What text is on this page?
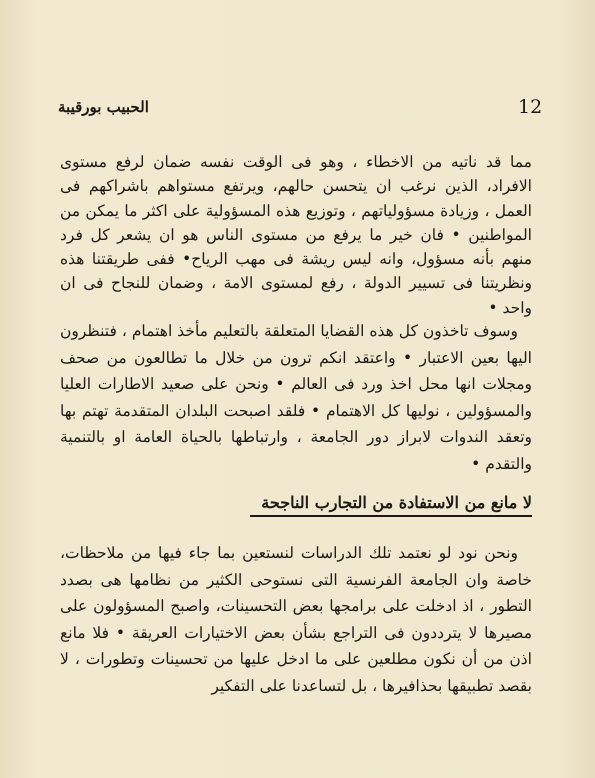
الحبيب بورقيبة	12

مما قد ناتيه من الاخطاء ، وهو فى الوقت نفسه ضمان لرفع مستوى الافراد، الذين نرغب ان يتحسن حالهم، ويرتفع مستواهم باشراكهم فى العمل ، وزيادة مسؤولياتهم ، وتوزيع هذه المسؤولية على اكثر ما يمكن من المواطنين • فان خير ما يرفع من مستوى الناس هو ان يشعر كل فرد منهم بأنه مسؤول، وانه ليس ريشة فى مهب الرياح• ففى طريقتنا هذه ونظريتنا فى تسيير الدولة ، رفع لمستوى الامة ، وضمان للنجاح فى ان واحد •

وسوف تاخذون كل هذه القضايا المتعلقة بالتعليم مأخذ اهتمام ، فتنظرون اليها بعين الاعتبار • واعتقد انكم ترون من خلال ما تطالعون من صحف ومجلات انها محل اخذ ورد فى العالم • ونحن على صعيد الاطارات العليا والمسؤولين ، نوليها كل الاهتمام • فلقد اصبحت البلدان المتقدمة تهتم بها وتعقد الندوات لابراز دور الجامعة ، وارتباطها بالحياة العامة او بالتنمية والتقدم •

لا مانع من الاستفادة من التجارب الناجحة

ونحن نود لو نعتمد تلك الدراسات لنستعين بما جاء فيها من ملاحظات، خاصة وان الجامعة الفرنسية التى نستوحى الكثير من نظامها هى بصدد التطور ، اذ ادخلت على برامجها بعض التحسينات، واصبح المسؤولون على مصيرها لا يترددون فى التراجع بشأن بعض الاختيارات العريقة • فلا مانع اذن من أن نكون مطلعين على ما ادخل عليها من تحسينات وتطورات ، لا بقصد تطبيقها بحذافيرها ، بل لتساعدنا على التفكير
